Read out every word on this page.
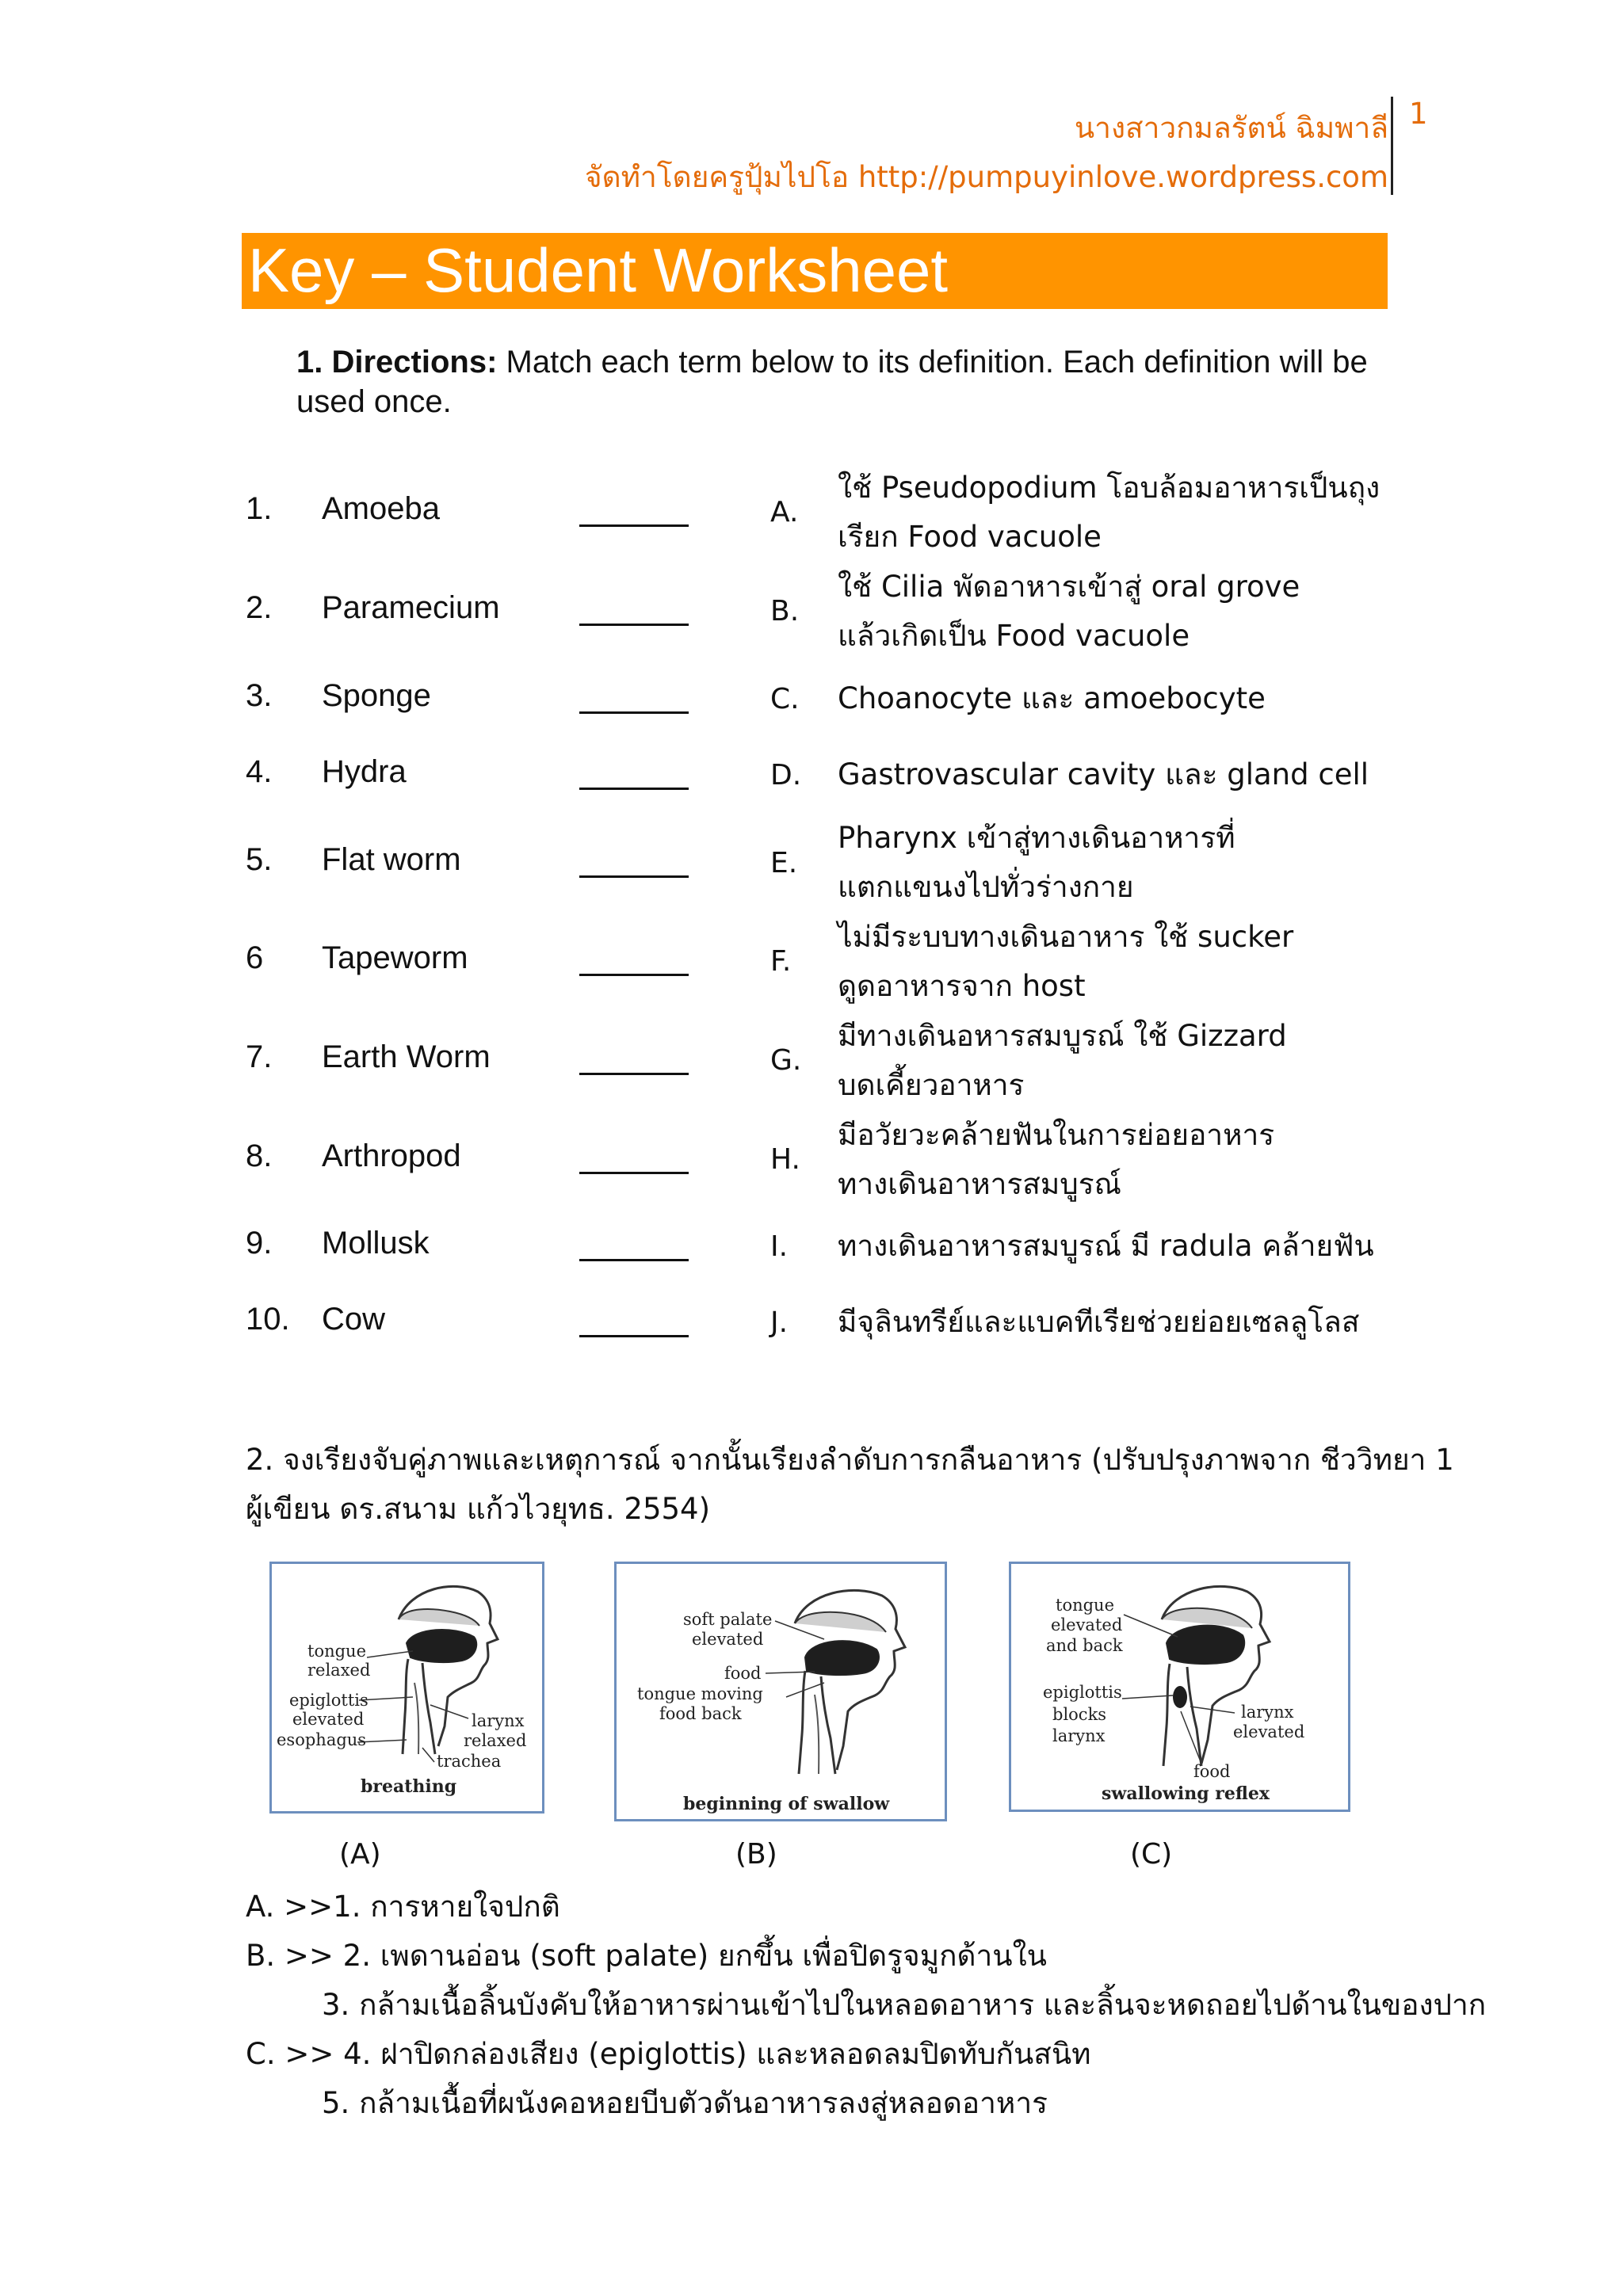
นางสาวกมลรัตน์ ฉิมพาลี
จัดทำโดยครูปุ้มไปโอ http://pumpuyinlove.wordpress.com
1
Key – Student Worksheet
1. Directions: Match each term below to its definition. Each definition will be used once.
1. Amoeba	A.
ใช้ Pseudopodium โอบล้อมอาหารเป็นถุง
เรียก Food vacuole
2. Paramecium	B.
ใช้ Cilia พัดอาหารเข้าสู่ oral grove
แล้วเกิดเป็น Food vacuole
3. Sponge	C. Choanocyte และ amoebocyte
4. Hydra	D. Gastrovascular cavity และ gland cell
5. Flat worm	E.
Pharynx เข้าสู่ทางเดินอาหารที่
แตกแขนงไปทั่วร่างกาย
6 Tapeworm	F.
ไม่มีระบบทางเดินอาหาร ใช้ sucker
ดูดอาหารจาก host
7. Earth Worm	G.
มีทางเดินอหารสมบูรณ์ ใช้ Gizzard
บดเคี้ยวอาหาร
8. Arthropod	H.
มีอวัยวะคล้ายฟันในการย่อยอาหาร
ทางเดินอาหารสมบูรณ์
9. Mollusk	I. ทางเดินอาหารสมบูรณ์ มี radula คล้ายฟัน
10. Cow	J. มีจุลินทรีย์และแบคทีเรียช่วยย่อยเซลลูโลส
2. จงเรียงจับคู่ภาพและเหตุการณ์ จากนั้นเรียงลำดับการกลืนอาหาร (ปรับปรุงภาพจาก ชีววิทยา 1
ผู้เขียน ดร.สนาม แก้วไวยุทธ. 2554)
tongue
relaxed
epiglottis
elevated
esophagus
larynx
relaxed
trachea
breathing
soft palate
elevated
food
tongue moving
food back
beginning of swallow
tongue
elevated
and back
epiglottis
blocks
larynx
larynx
elevated
food
swallowing reflex
(A)	(B)	(C)
A. >>1. การหายใจปกติ
B. >> 2. เพดานอ่อน (soft palate) ยกขึ้น เพื่อปิดรูจมูกด้านใน
3. กล้ามเนื้อลิ้นบังคับให้อาหารผ่านเข้าไปในหลอดอาหาร และลิ้นจะหดถอยไปด้านในของปาก
C. >> 4. ฝาปิดกล่องเสียง (epiglottis) และหลอดลมปิดทับกันสนิท
5. กล้ามเนื้อที่ผนังคอหอยบีบตัวดันอาหารลงสู่หลอดอาหาร
